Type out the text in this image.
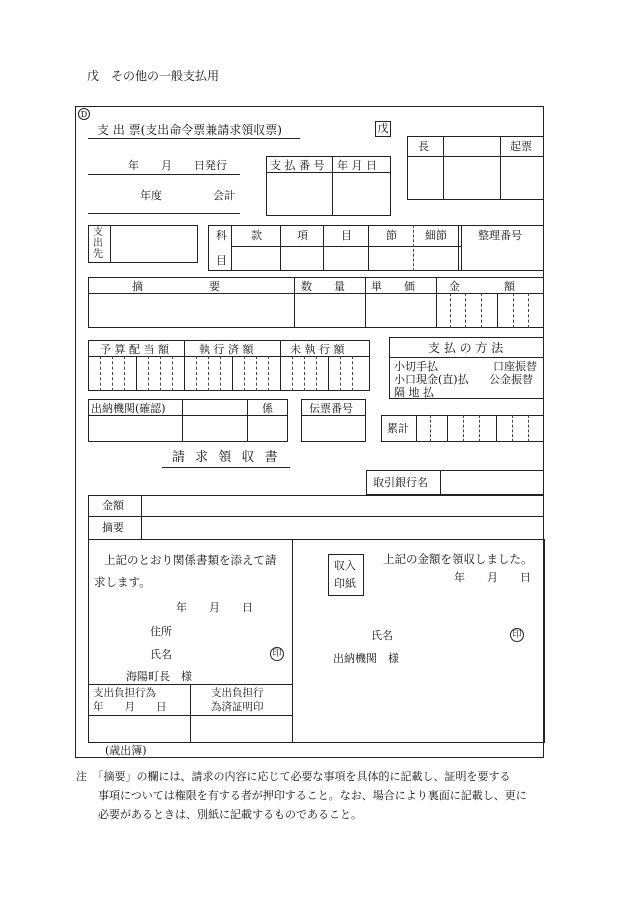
戊　その他の一般支払用
D
支 出 票(支出命令票兼請求領収票)	戊
長	起票
年　　月　　日発行
年度	会計
支 払 番 号 年 月 日
支
出
先
科
目
款	項	目	節	細節	整理番号
摘　　　　　　要	数　　量 単　　価	金　　　　額
予 算 配 当 額	執 行 済 額	未 執 行 額	支 払 の 方 法
小切手払	口座振替
小口現金(直)払 公金振替
隔 地 払
出納機関(確認)	係	伝票番号
累計
請 求 領 収 書
取引銀行名
金額
摘要
上記のとおり関係書類を添えて請
求します。
年　　月　　日
住所
氏名	印
海陽町長　様
支出負担行為
年　　月　　日
支出負担行
為済証明印
収入
印紙
上記の金額を領収しました。
年　　月　　日
氏名	印
出納機関　様
(歳出簿)
注　「摘要」の欄には、請求の内容に応じて必要な事項を具体的に記載し、証明を要する
事項については権限を有する者が押印すること。なお、場合により裏面に記載し、更に
必要があるときは、別紙に記載するものであること。
